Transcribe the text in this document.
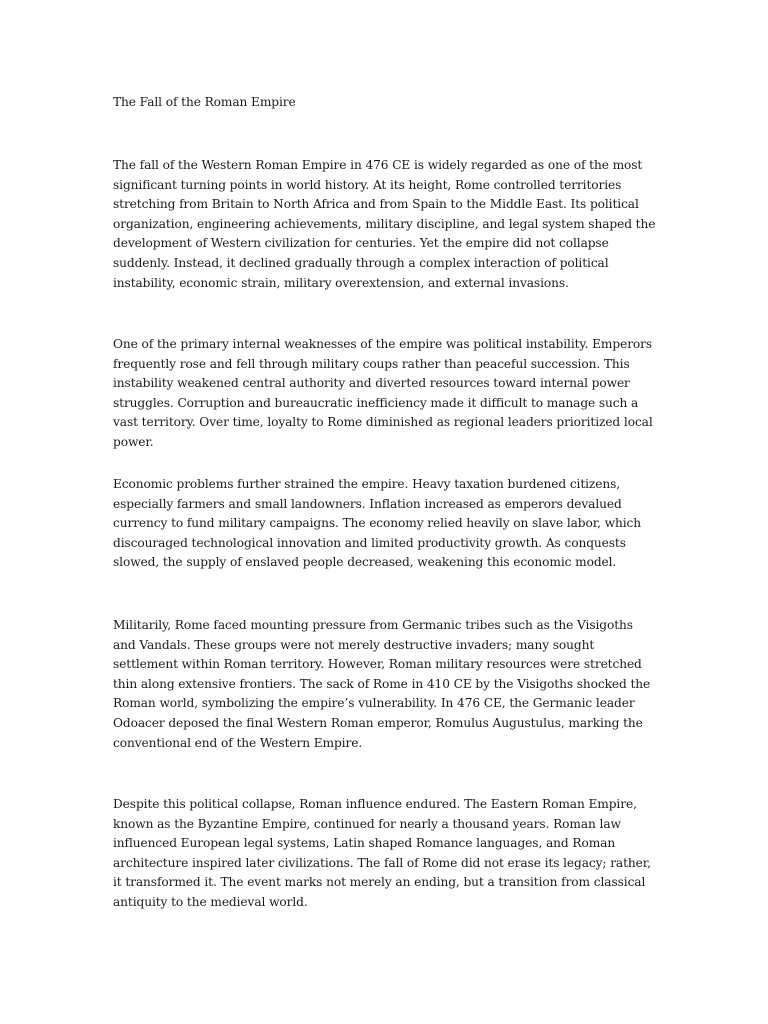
The Fall of the Roman Empire

The fall of the Western Roman Empire in 476 CE is widely regarded as one of the most significant turning points in world history. At its height, Rome controlled territories stretching from Britain to North Africa and from Spain to the Middle East. Its political organization, engineering achievements, military discipline, and legal system shaped the development of Western civilization for centuries. Yet the empire did not collapse suddenly. Instead, it declined gradually through a complex interaction of political instability, economic strain, military overextension, and external invasions.

One of the primary internal weaknesses of the empire was political instability. Emperors frequently rose and fell through military coups rather than peaceful succession. This instability weakened central authority and diverted resources toward internal power struggles. Corruption and bureaucratic inefficiency made it difficult to manage such a vast territory. Over time, loyalty to Rome diminished as regional leaders prioritized local power.

Economic problems further strained the empire. Heavy taxation burdened citizens, especially farmers and small landowners. Inflation increased as emperors devalued currency to fund military campaigns. The economy relied heavily on slave labor, which discouraged technological innovation and limited productivity growth. As conquests slowed, the supply of enslaved people decreased, weakening this economic model.

Militarily, Rome faced mounting pressure from Germanic tribes such as the Visigoths and Vandals. These groups were not merely destructive invaders; many sought settlement within Roman territory. However, Roman military resources were stretched thin along extensive frontiers. The sack of Rome in 410 CE by the Visigoths shocked the Roman world, symbolizing the empire’s vulnerability. In 476 CE, the Germanic leader Odoacer deposed the final Western Roman emperor, Romulus Augustulus, marking the conventional end of the Western Empire.

Despite this political collapse, Roman influence endured. The Eastern Roman Empire, known as the Byzantine Empire, continued for nearly a thousand years. Roman law influenced European legal systems, Latin shaped Romance languages, and Roman architecture inspired later civilizations. The fall of Rome did not erase its legacy; rather, it transformed it. The event marks not merely an ending, but a transition from classical antiquity to the medieval world.
